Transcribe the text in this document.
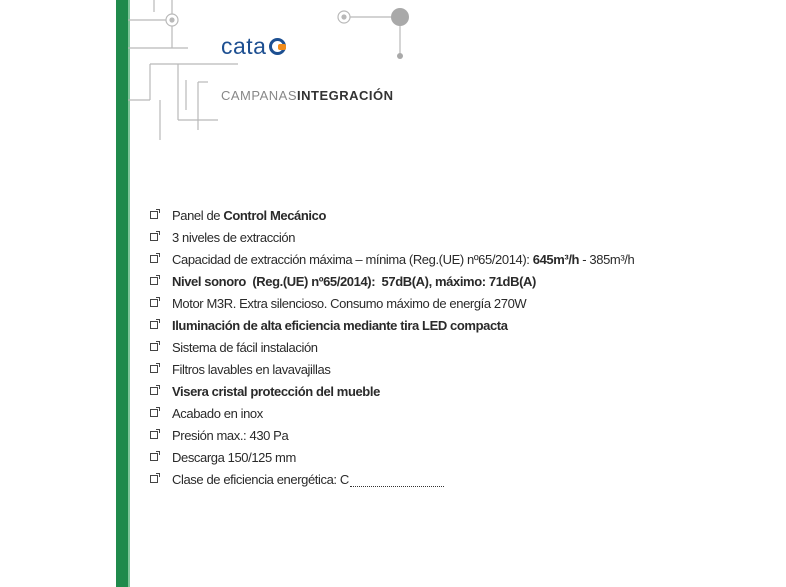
cata
CAMPANASINTEGRACIÓN
Panel de Control Mecánico
3 niveles de extracción
Capacidad de extracción máxima – mínima (Reg.(UE) nº65/2014): 645m³/h - 385m³/h
Nivel sonoro  (Reg.(UE) nº65/2014):  57dB(A), máximo: 71dB(A)
Motor M3R. Extra silencioso. Consumo máximo de energía 270W
Iluminación de alta eficiencia mediante tira LED compacta
Sistema de fácil instalación
Filtros lavables en lavavajillas
Visera cristal protección del mueble
Acabado en inox
Presión max.: 430 Pa
Descarga 150/125 mm
Clase de eficiencia energética: C
